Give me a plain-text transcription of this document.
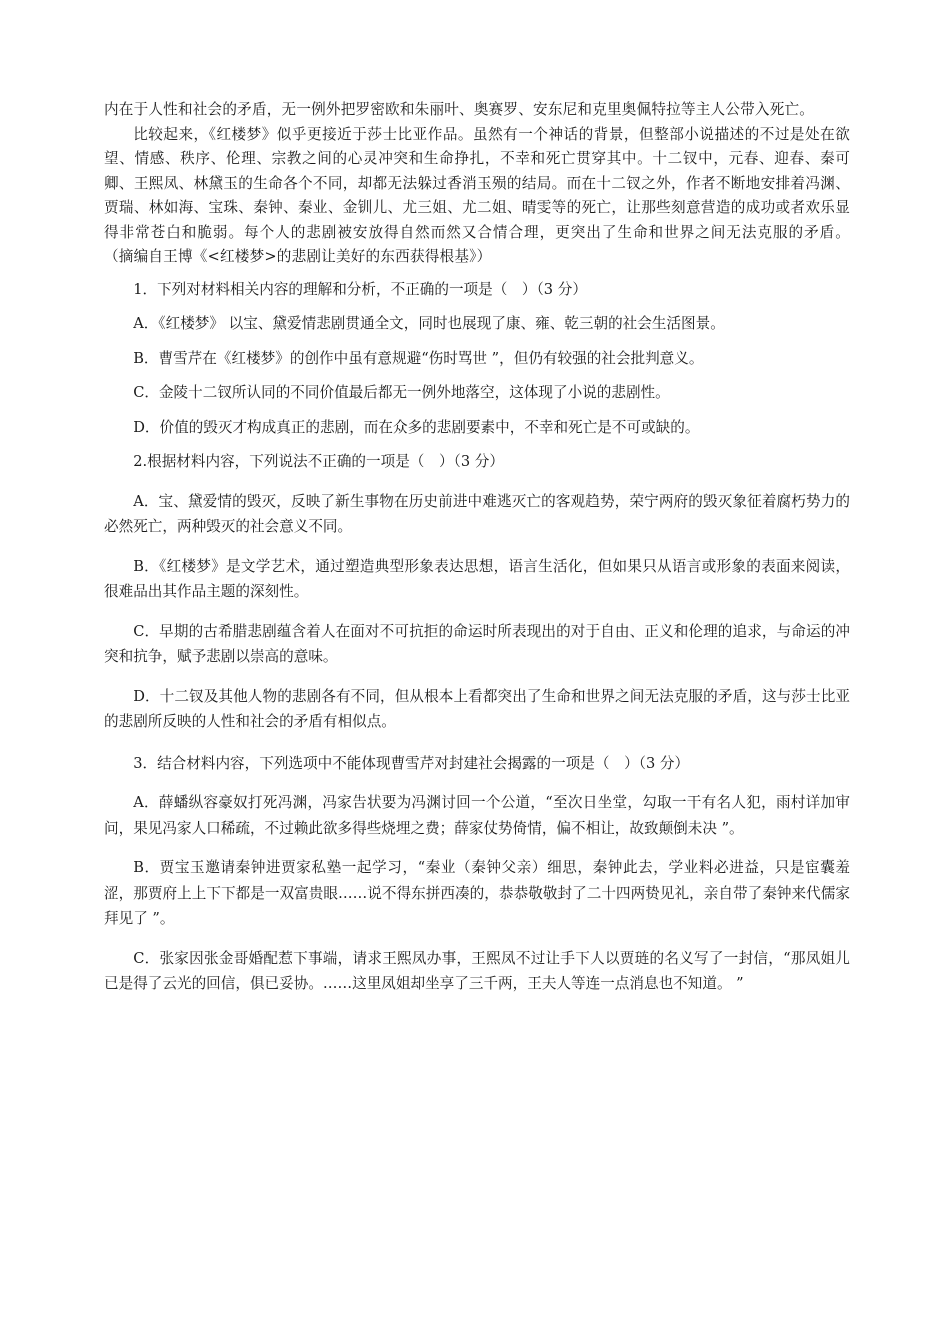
内在于人性和社会的矛盾，无一例外把罗密欧和朱丽叶、奥赛罗、安东尼和克里奥佩特拉等主人公带入死亡。

比较起来，《红楼梦》似乎更接近于莎士比亚作品。虽然有一个神话的背景，但整部小说描述的不过是处在欲望、情感、秩序、伦理、宗教之间的心灵冲突和生命挣扎，不幸和死亡贯穿其中。十二钗中，元春、迎春、秦可卿、王熙凤、林黛玉的生命各个不同，却都无法躲过香消玉殒的结局。而在十二钗之外，作者不断地安排着冯渊、贾瑞、林如海、宝珠、秦钟、秦业、金钏儿、尤三姐、尤二姐、晴雯等的死亡，让那些刻意营造的成功或者欢乐显得非常苍白和脆弱。每个人的悲剧被安放得自然而然又合情合理，更突出了生命和世界之间无法克服的矛盾。         （摘编自王博《<红楼梦>的悲剧让美好的东西获得根基》）

1．下列对材料相关内容的理解和分析，不正确的一项是（　）（3 分）

A．《红楼梦》 以宝、黛爱情悲剧贯通全文，同时也展现了康、雍、乾三朝的社会生活图景。

B．曹雪芹在《红楼梦》的创作中虽有意规避“伤时骂世 ”，但仍有较强的社会批判意义。

C．金陵十二钗所认同的不同价值最后都无一例外地落空，这体现了小说的悲剧性。

D．价值的毁灭才构成真正的悲剧，而在众多的悲剧要素中，不幸和死亡是不可或缺的。

2.根据材料内容，下列说法不正确的一项是（　）（3 分）

A．宝、黛爱情的毁灭，反映了新生事物在历史前进中难逃灭亡的客观趋势，荣宁两府的毁灭象征着腐朽势力的必然死亡，两种毁灭的社会意义不同。

B．《红楼梦》是文学艺术，通过塑造典型形象表达思想，语言生活化，但如果只从语言或形象的表面来阅读，很难品出其作品主题的深刻性。

C．早期的古希腊悲剧蕴含着人在面对不可抗拒的命运时所表现出的对于自由、正义和伦理的追求，与命运的冲突和抗争，赋予悲剧以崇高的意味。

D．十二钗及其他人物的悲剧各有不同，但从根本上看都突出了生命和世界之间无法克服的矛盾，这与莎士比亚的悲剧所反映的人性和社会的矛盾有相似点。

3．结合材料内容，下列选项中不能体现曹雪芹对封建社会揭露的一项是（　）（3 分）

A．薛蟠纵容豪奴打死冯渊，冯家告状要为冯渊讨回一个公道，“至次日坐堂，勾取一干有名人犯，雨村详加审问，果见冯家人口稀疏，不过赖此欲多得些烧埋之费；薛家仗势倚情，偏不相让，故致颠倒未决 ”。

B．贾宝玉邀请秦钟进贾家私塾一起学习，“秦业（秦钟父亲）细思，秦钟此去，学业料必进益，只是宦囊羞涩，那贾府上上下下都是一双富贵眼……说不得东拼西凑的，恭恭敬敬封了二十四两贽见礼，亲自带了秦钟来代儒家拜见了 ”。

C．张家因张金哥婚配惹下事端，请求王熙凤办事，王熙凤不过让手下人以贾琏的名义写了一封信，“那凤姐儿已是得了云光的回信，俱已妥协。……这里凤姐却坐享了三千两，王夫人等连一点消息也不知道。 ”
